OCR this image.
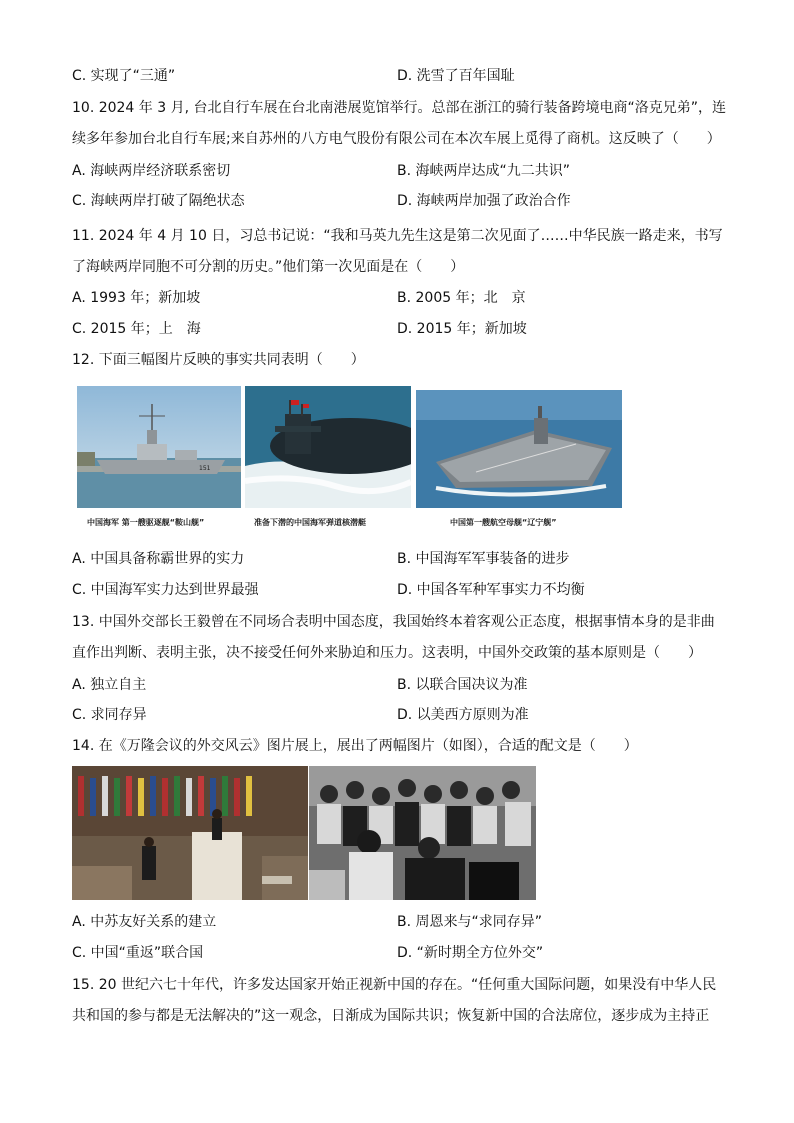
C. 实现了“三通”	D. 洗雪了百年国耻
10. 2024 年 3 月, 台北自行车展在台北南港展览馆举行。总部在浙江的骑行装备跨境电商“洛克兄弟”，连
续多年参加台北自行车展;来自苏州的八方电气股份有限公司在本次车展上觅得了商机。这反映了（　　）
A. 海峡两岸经济联系密切	B. 海峡两岸达成“九二共识”
C. 海峡两岸打破了隔绝状态	D. 海峡两岸加强了政治合作
11. 2024 年 4 月 10 日，习总书记说：“我和马英九先生这是第二次见面了……中华民族一路走来，书写
了海峡两岸同胞不可分割的历史。”他们第一次见面是在（　　）
A. 1993 年；新加坡	B. 2005 年；北　京
C. 2015 年；上　海	D. 2015 年；新加坡
12. 下面三幅图片反映的事实共同表明（　　）
151
中国海军 第一艘驱逐舰“鞍山舰”	准备下潜的中国海军弹道核潜艇	中国第一艘航空母舰“辽宁舰”
A. 中国具备称霸世界的实力	B. 中国海军军事装备的进步
C. 中国海军实力达到世界最强	D. 中国各军种军事实力不均衡
13. 中国外交部长王毅曾在不同场合表明中国态度，我国始终本着客观公正态度，根据事情本身的是非曲
直作出判断、表明主张，决不接受任何外来胁迫和压力。这表明，中国外交政策的基本原则是（　　）
A. 独立自主	B. 以联合国决议为准
C. 求同存异	D. 以美西方原则为准
14. 在《万隆会议的外交风云》图片展上，展出了两幅图片（如图），合适的配文是（　　）
A. 中苏友好关系的建立	B. 周恩来与“求同存异”
C. 中国“重返”联合国	D. “新时期全方位外交”
15. 20 世纪六七十年代，许多发达国家开始正视新中国的存在。“任何重大国际问题，如果没有中华人民
共和国的参与都是无法解决的”这一观念，日渐成为国际共识；恢复新中国的合法席位，逐步成为主持正
